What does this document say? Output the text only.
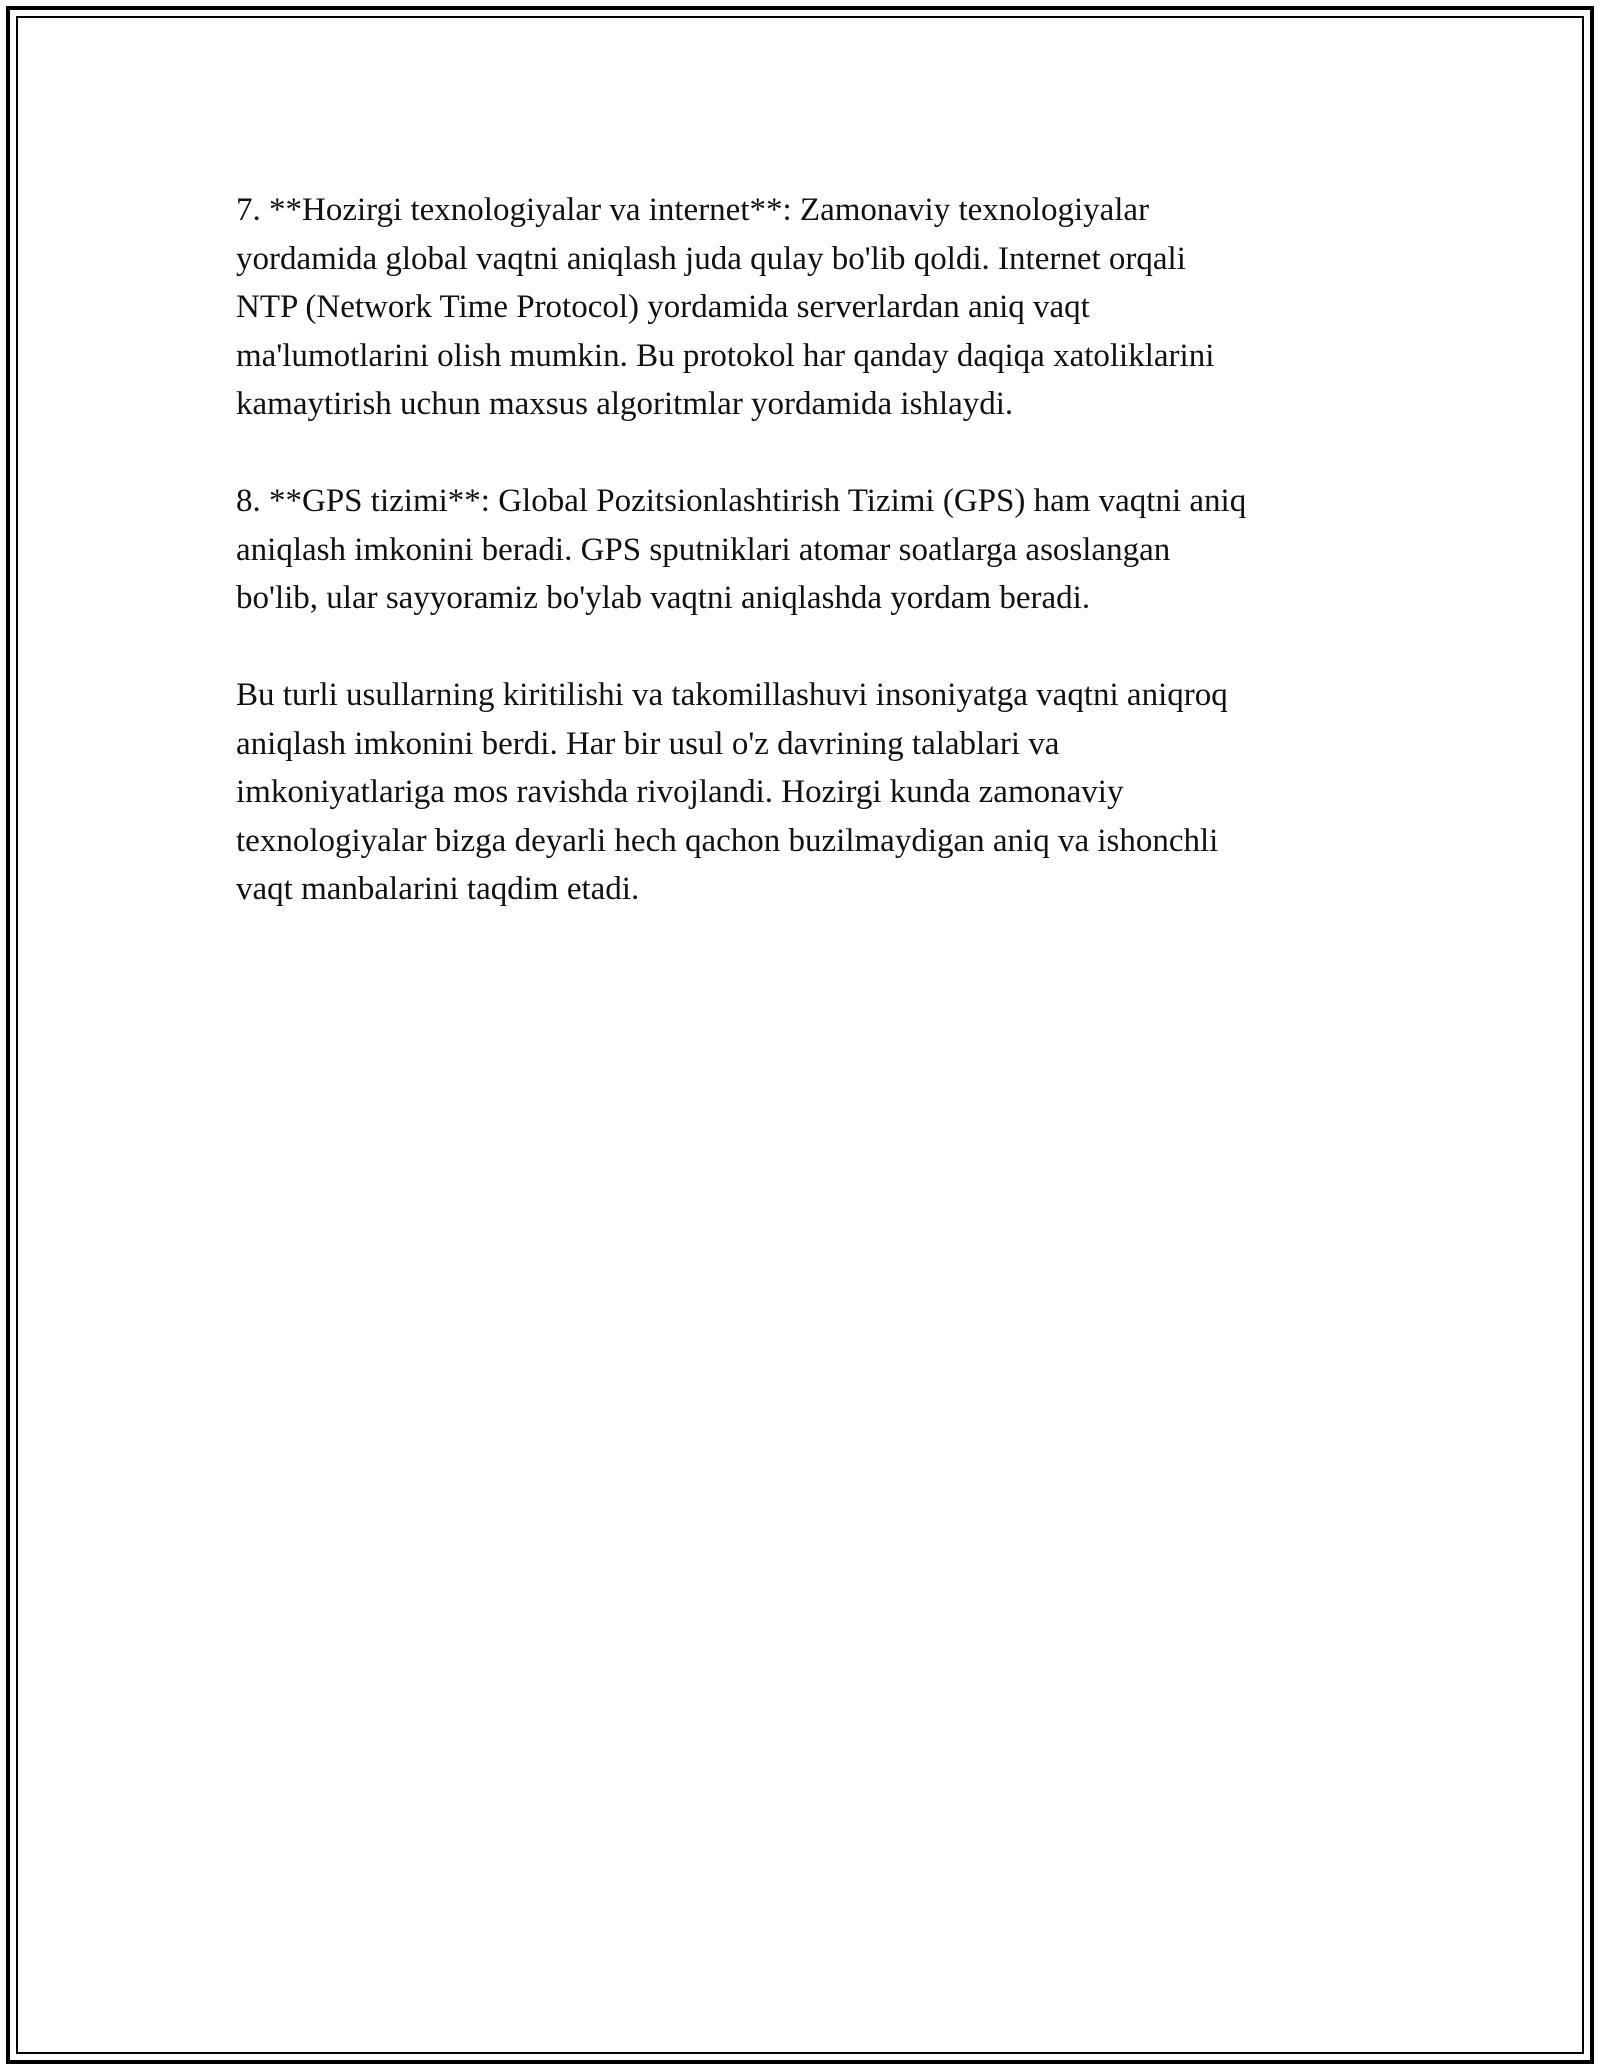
7. **Hozirgi texnologiyalar va internet**: Zamonaviy texnologiyalar
yordamida global vaqtni aniqlash juda qulay bo'lib qoldi. Internet orqali
NTP (Network Time Protocol) yordamida serverlardan aniq vaqt
ma'lumotlarini olish mumkin. Bu protokol har qanday daqiqa xatoliklarini
kamaytirish uchun maxsus algoritmlar yordamida ishlaydi.

8. **GPS tizimi**: Global Pozitsionlashtirish Tizimi (GPS) ham vaqtni aniq
aniqlash imkonini beradi. GPS sputniklari atomar soatlarga asoslangan
bo'lib, ular sayyoramiz bo'ylab vaqtni aniqlashda yordam beradi.

Bu turli usullarning kiritilishi va takomillashuvi insoniyatga vaqtni aniqroq
aniqlash imkonini berdi. Har bir usul o'z davrining talablari va
imkoniyatlariga mos ravishda rivojlandi. Hozirgi kunda zamonaviy
texnologiyalar bizga deyarli hech qachon buzilmaydigan aniq va ishonchli
vaqt manbalarini taqdim etadi.
